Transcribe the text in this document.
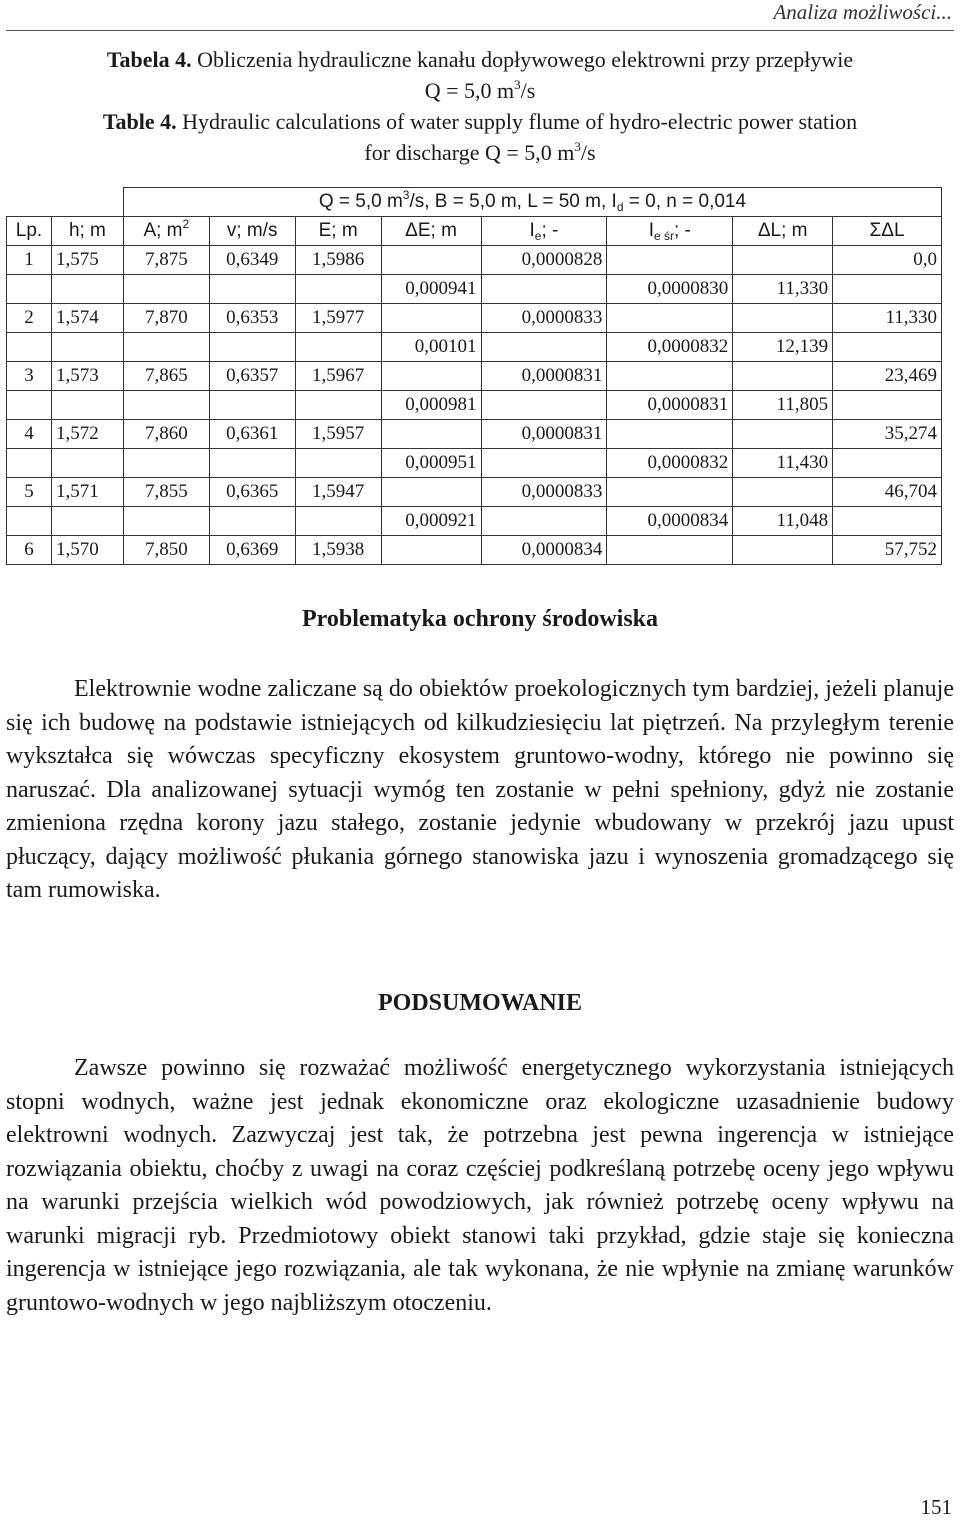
Analiza możliwości...
Tabela 4. Obliczenia hydrauliczne kanału dopływowego elektrowni przy przepływie
Q = 5,0 $m^3/s$
Table 4. Hydraulic calculations of water supply flume of hydro-electric power station
for discharge Q = 5,0 $m^3/s$
		Q = 5,0 $m^3/s$, B = 5,0 m, L = 50 m, $I_d = 0$, n = 0,014							
Lp.	h; m	A; $m^2$	v; m/s	E; m	ΔE; m	$I_e$; -	$I_{e śr}$; -	ΔL; m	ΣΔL
1	1,575	7,875	0,6349	1,5986		0,0000828			0,0
					0,000941		0,0000830	11,330	
2	1,574	7,870	0,6353	1,5977		0,0000833			11,330
					0,00101		0,0000832	12,139	
3	1,573	7,865	0,6357	1,5967		0,0000831			23,469
					0,000981		0,0000831	11,805	
4	1,572	7,860	0,6361	1,5957		0,0000831			35,274
					0,000951		0,0000832	11,430	
5	1,571	7,855	0,6365	1,5947		0,0000833			46,704
					0,000921		0,0000834	11,048	
6	1,570	7,850	0,6369	1,5938		0,0000834			57,752
Problematyka ochrony środowiska
Elektrownie wodne zaliczane są do obiektów proekologicznych tym bardziej, jeżeli planuje się ich budowę na podstawie istniejących od kilkudziesięciu lat piętrzeń. Na przyległym terenie wykształca się wówczas specyficzny ekosystem gruntowo-wodny, którego nie powinno się naruszać. Dla analizowanej sytuacji wymóg ten zostanie w pełni spełniony, gdyż nie zostanie zmieniona rzędna korony jazu stałego, zostanie jedynie wbudowany w przekrój jazu upust płuczący, dający możliwość płukania górnego stanowiska jazu i wynoszenia gromadzącego się tam rumowiska.
PODSUMOWANIE
Zawsze powinno się rozważać możliwość energetycznego wykorzystania istniejących stopni wodnych, ważne jest jednak ekonomiczne oraz ekologiczne uzasadnienie budowy elektrowni wodnych. Zazwyczaj jest tak, że potrzebna jest pewna ingerencja w istniejące rozwiązania obiektu, choćby z uwagi na coraz częściej podkreślaną potrzebę oceny jego wpływu na warunki przejścia wielkich wód powodziowych, jak również potrzebę oceny wpływu na warunki migracji ryb. Przedmiotowy obiekt stanowi taki przykład, gdzie staje się konieczna ingerencja w istniejące jego rozwiązania, ale tak wykonana, że nie wpłynie na zmianę warunków gruntowo-wodnych w jego najbliższym otoczeniu.
151
